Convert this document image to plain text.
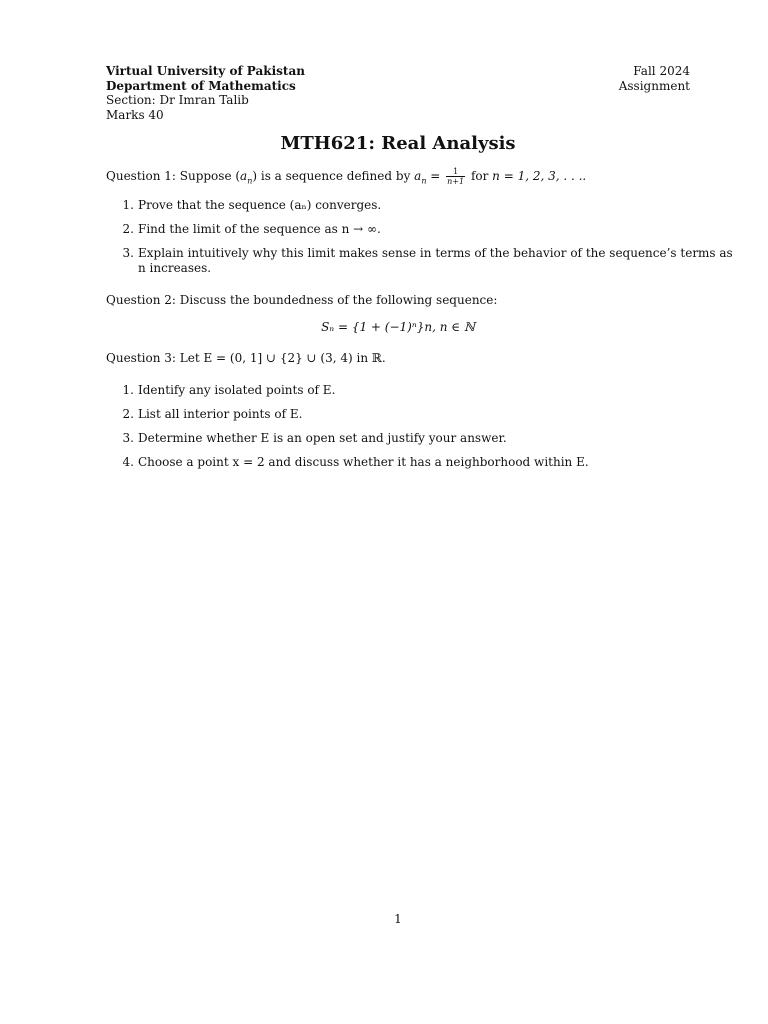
Virtual University of Pakistan
Department of Mathematics
Section: Dr Imran Talib
Marks 40
Fall 2024
Assignment
MTH621: Real Analysis
Question 1: Suppose $(a_n)$ is a sequence defined by $a_n = \frac{1}{n+1}$ for n = 1, 2, 3, . . ..
1. Prove that the sequence (aₙ) converges.
2. Find the limit of the sequence as n → ∞.
3. Explain intuitively why this limit makes sense in terms of the behavior of the sequence’s terms as
n increases.
Question 2: Discuss the boundedness of the following sequence:
Sₙ = {1 + (−1)ⁿ}n, n ∈ ℕ
Question 3: Let E = (0, 1] ∪ {2} ∪ (3, 4) in ℝ.
1. Identify any isolated points of E.
2. List all interior points of E.
3. Determine whether E is an open set and justify your answer.
4. Choose a point x = 2 and discuss whether it has a neighborhood within E.
1
